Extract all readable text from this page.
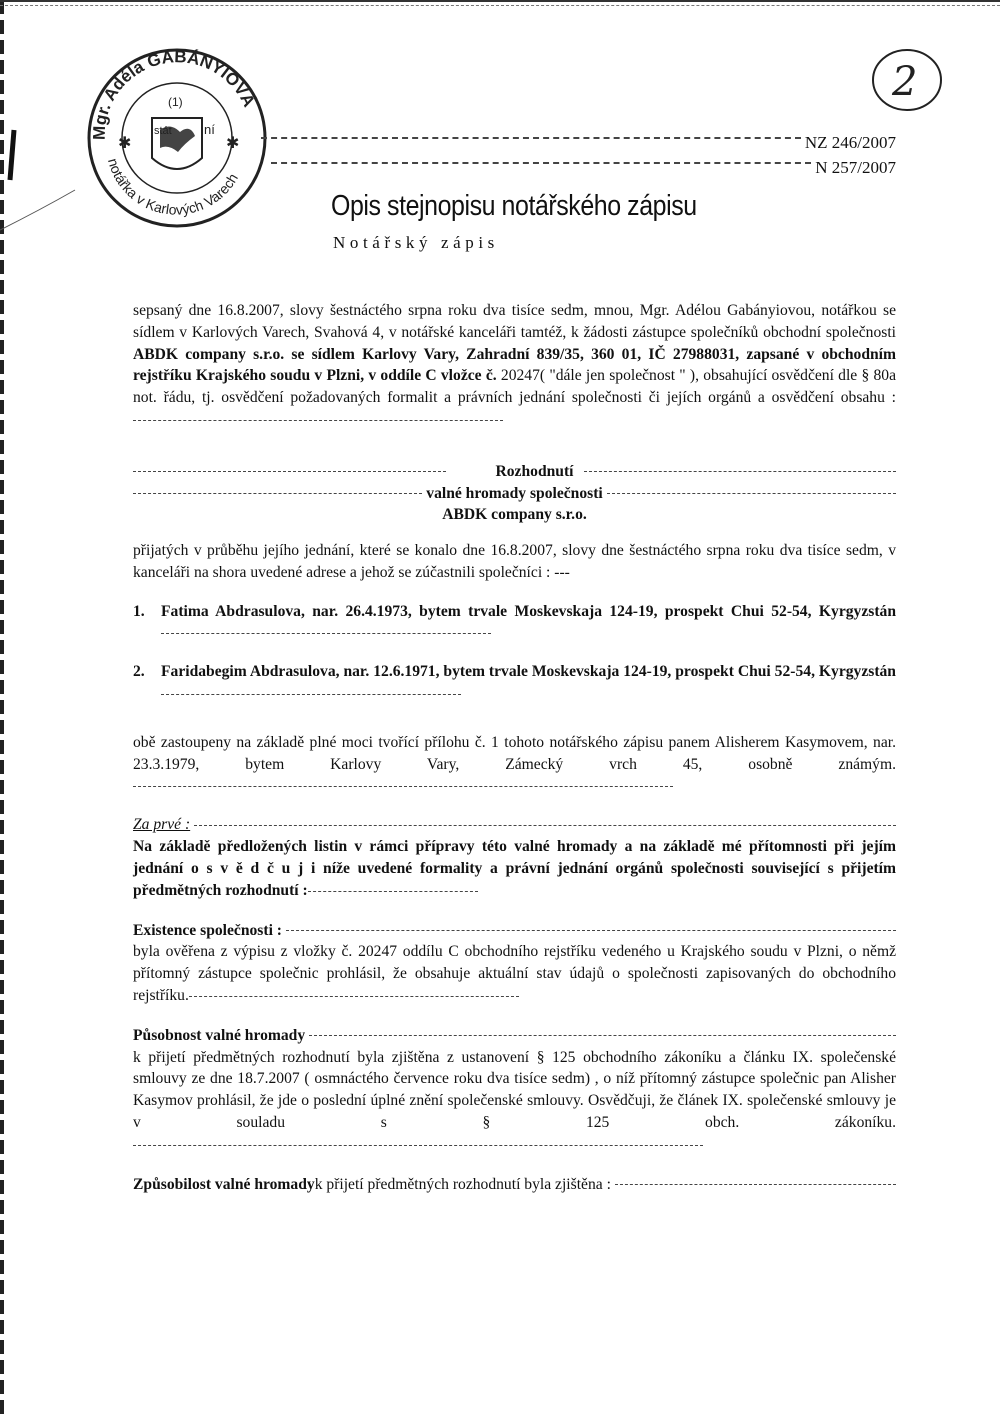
Mgr. Adéla GABÁNYIOVÁ
notářka v Karlových Varech
(1)
stát ní
✱	✱
2
NZ 246/2007
N 257/2007
Opis stejnopisu notářského zápisu
Notářský zápis
sepsaný dne 16.8.2007, slovy šestnáctého srpna roku dva tisíce sedm, mnou, Mgr. Adélou Gabányiovou, notářkou se sídlem v Karlových Varech, Svahová 4, v notářské kanceláři tamtéž, k žádosti zástupce společníků obchodní společnosti ABDK company s.r.o. se sídlem Karlovy Vary, Zahradní 839/35, 360 01, IČ 27988031, zapsané v obchodním rejstříku Krajského soudu v Plzni, v oddíle C vložce č. 20247( "dále jen společnost " ), obsahující osvědčení dle § 80a not. řádu, tj. osvědčení požadovaných formalit a právních jednání společnosti či jejích orgánů a osvědčení obsahu :
Rozhodnutí
valné hromady společnosti
ABDK company s.r.o.
přijatých v průběhu jejího jednání, které se konalo dne 16.8.2007, slovy dne šestnáctého srpna roku dva tisíce sedm, v kanceláři na shora uvedené adrese a jehož se zúčastnili společníci : ---
1.	Fatima Abdrasulova, nar. 26.4.1973, bytem trvale Moskevskaja 124-19, prospekt Chui 52-54, Kyrgyzstán
2.	Faridabegim Abdrasulova, nar. 12.6.1971, bytem trvale Moskevskaja 124-19, prospekt Chui 52-54, Kyrgyzstán
obě zastoupeny na základě plné moci tvořící přílohu č. 1 tohoto notářského zápisu panem Alisherem Kasymovem, nar. 23.3.1979, bytem Karlovy Vary, Zámecký vrch 45, osobně známým.
Za prvé :
Na základě předložených listin v rámci přípravy této valné hromady a na základě mé přítomnosti při jejím jednání o s v ě d č u j i níže uvedené formality a právní jednání orgánů společnosti související s přijetím předmětných rozhodnutí :
Existence společnosti :
byla ověřena z výpisu z vložky č. 20247 oddílu C obchodního rejstříku vedeného u Krajského soudu v Plzni, o němž přítomný zástupce společnic prohlásil, že obsahuje aktuální stav údajů o společnosti zapisovaných do obchodního rejstříku.
Působnost valné hromady
k přijetí předmětných rozhodnutí byla zjištěna z ustanovení § 125 obchodního zákoníku a článku IX. společenské smlouvy ze dne 18.7.2007 ( osmnáctého července roku dva tisíce sedm) , o níž přítomný zástupce společnic pan Alisher Kasymov prohlásil, že jde o poslední úplné znění společenské smlouvy. Osvědčuji, že článek IX. společenské smlouvy je v souladu s § 125 obch. zákoníku.
Způsobilost valné hromady k přijetí předmětných rozhodnutí byla zjištěna :
